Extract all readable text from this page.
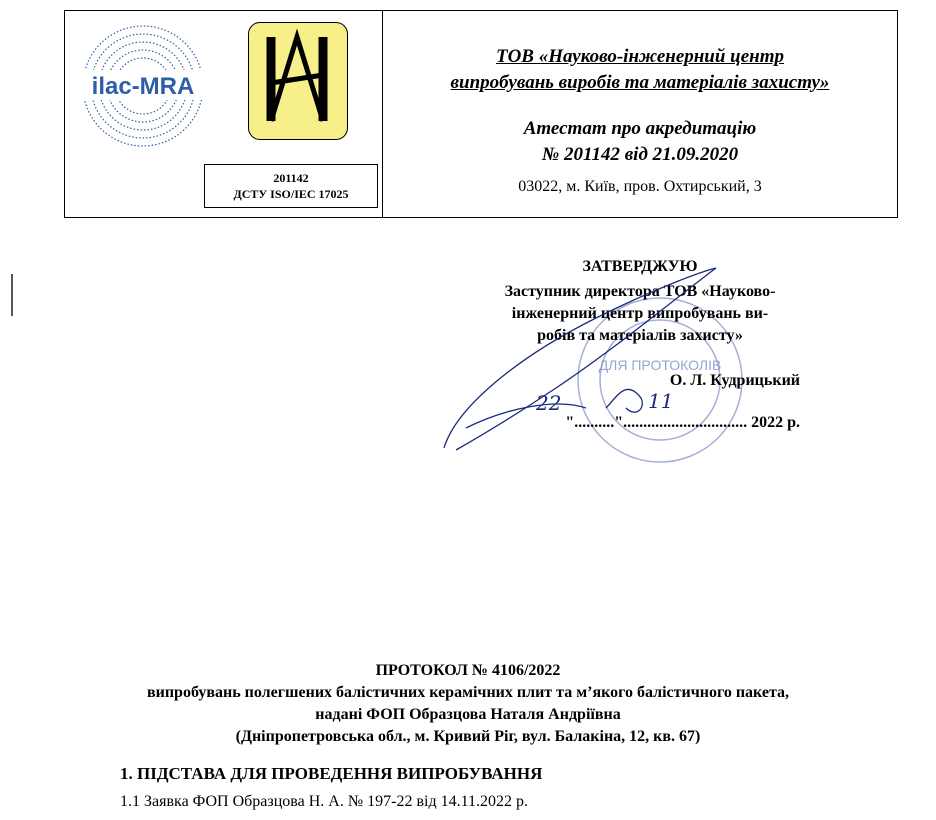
ilac-MRA
201142
ДСТУ ISO/IEC 17025
ТОВ «Науково-інженерний центр
випробувань виробів та матеріалів захисту»
Атестат про акредитацію
№ 201142 від 21.09.2020
03022, м. Київ, пров. Охтирський, 3
ДЛЯ ПРОТОКОЛІВ
ЗАТВЕРДЖУЮ
Заступник директора ТОВ «Науково-
інженерний центр випробувань ви-
робів та матеріалів захисту»
О. Л. Кудрицький
".........."............................... 2022 р.
22	11
ПРОТОКОЛ № 4106/2022
випробувань полегшених балістичних керамічних плит та м’якого балістичного пакета,
надані ФОП Образцова Наталя Андріївна
(Дніпропетровська обл., м. Кривий Ріг, вул. Балакіна, 12, кв. 67)
1. ПІДСТАВА ДЛЯ ПРОВЕДЕННЯ ВИПРОБУВАННЯ
1.1 Заявка ФОП Образцова Н. А. № 197-22 від 14.11.2022 р.
